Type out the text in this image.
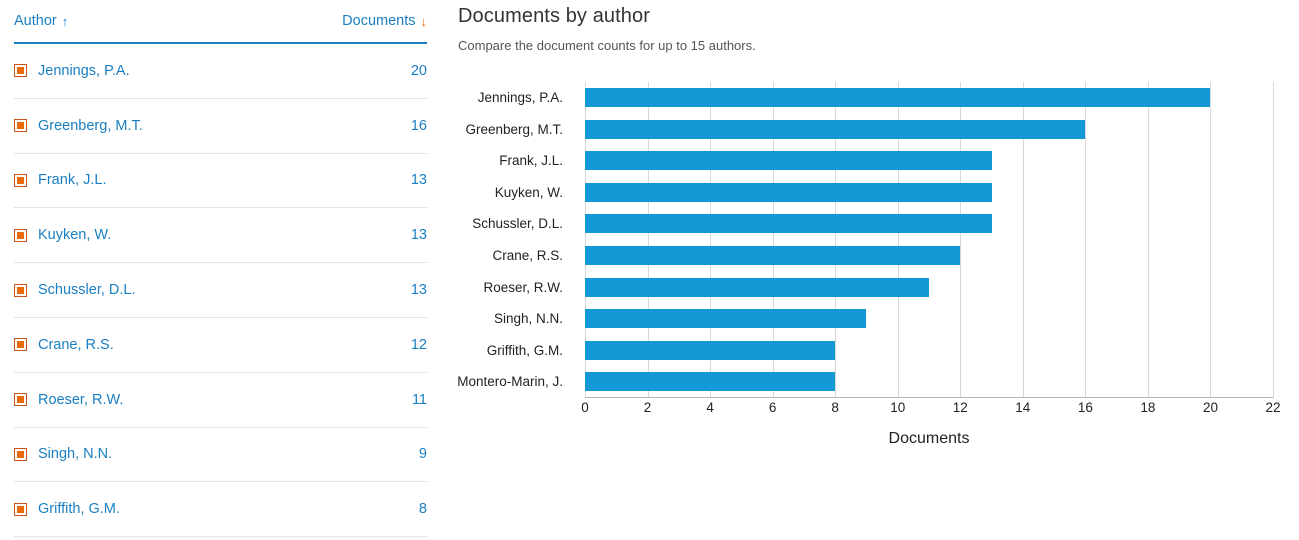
Author ↑	Documents ↓
Jennings, P.A.	20
Greenberg, M.T.	16
Frank, J.L.	13
Kuyken, W.	13
Schussler, D.L.	13
Crane, R.S.	12
Roeser, R.W.	11
Singh, N.N.	9
Griffith, G.M.	8
Documents by author
Compare the document counts for up to 15 authors.
Jennings, P.A.
Greenberg, M.T.
Frank, J.L.
Kuyken, W.
Schussler, D.L.
Crane, R.S.
Roeser, R.W.
Singh, N.N.
Griffith, G.M.
Montero-Marin, J.
0	2	4	6	8	10	12	14	16	18	20	22
Documents
